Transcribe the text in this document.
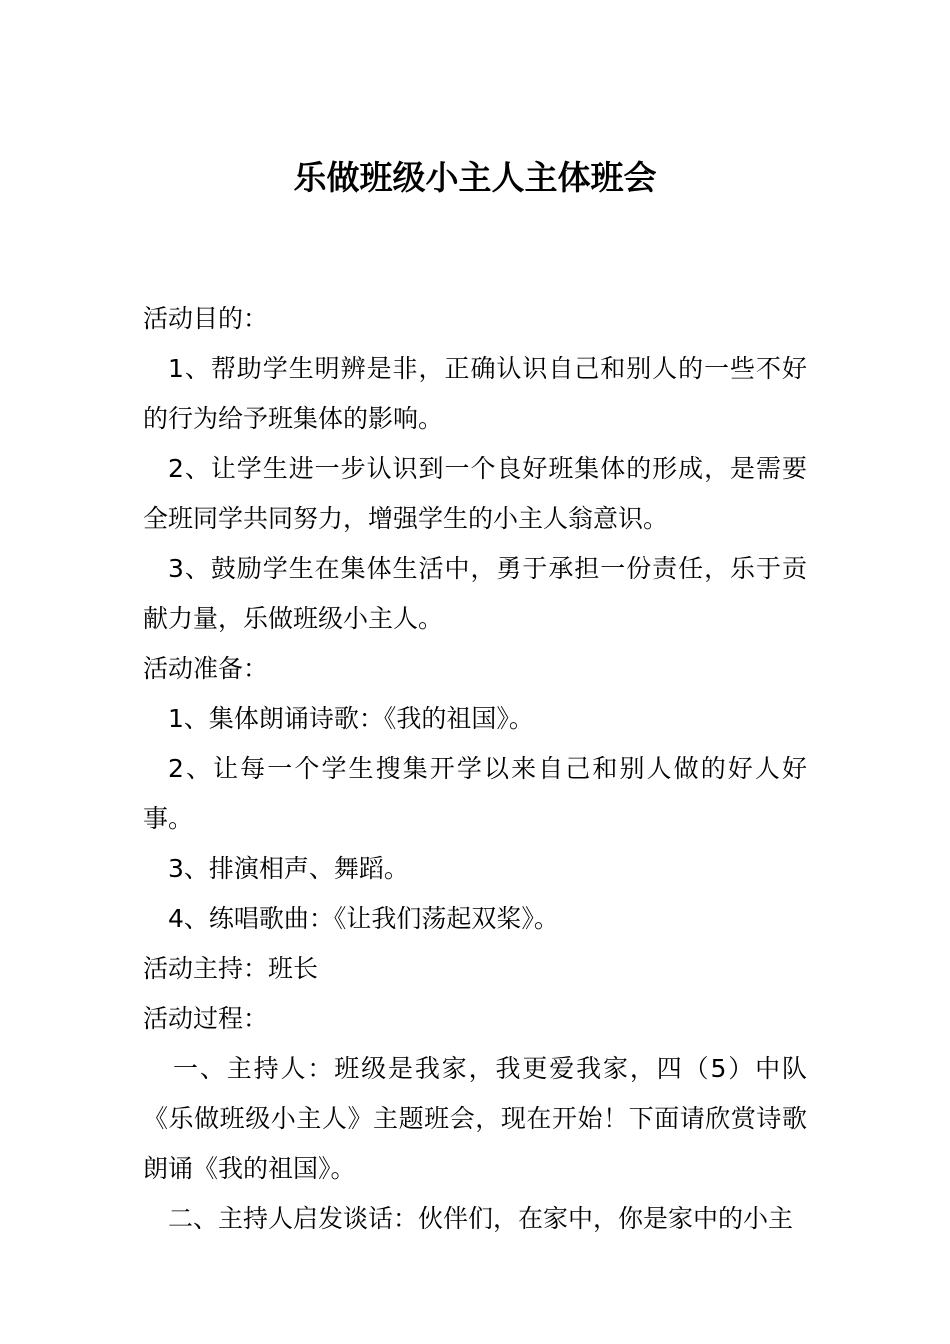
乐做班级小主人主体班会

活动目的：

1、帮助学生明辨是非，正确认识自己和别人的一些不好的行为给予班集体的影响。

2、让学生进一步认识到一个良好班集体的形成，是需要全班同学共同努力，增强学生的小主人翁意识。

3、鼓励学生在集体生活中，勇于承担一份责任，乐于贡献力量，乐做班级小主人。

活动准备：

1、集体朗诵诗歌：《我的祖国》。

2、让每一个学生搜集开学以来自己和别人做的好人好事。

3、排演相声、舞蹈。

4、练唱歌曲：《让我们荡起双桨》。

活动主持：班长

活动过程：

一、主持人：班级是我家，我更爱我家，四（5）中队《乐做班级小主人》主题班会，现在开始！下面请欣赏诗歌朗诵《我的祖国》。

二、主持人启发谈话：伙伴们，在家中，你是家中的小主
